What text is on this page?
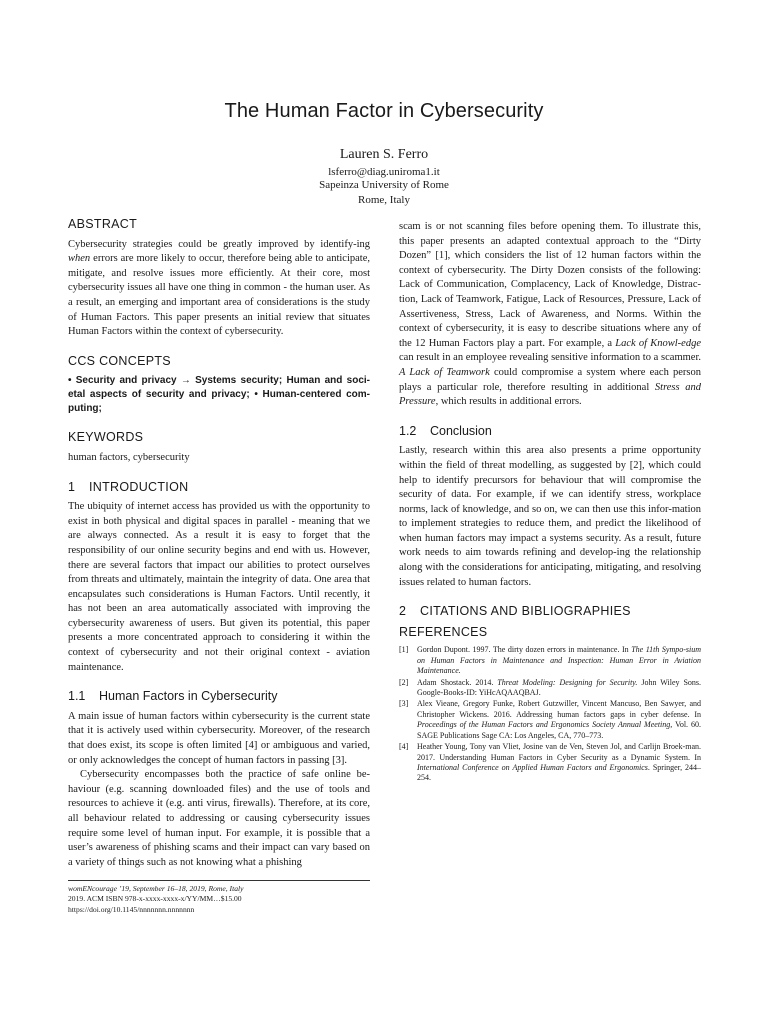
The Human Factor in Cybersecurity
Lauren S. Ferro
lsferro@diag.uniroma1.it
Sapeinza University of Rome
Rome, Italy
ABSTRACT

Cybersecurity strategies could be greatly improved by identify-ing when errors are more likely to occur, therefore being able to anticipate, mitigate, and resolve issues more efficiently. At their core, most cybersecurity issues all have one thing in common - the human user. As a result, an emerging and important area of considerations is the study of Human Factors. This paper presents an initial review that situates Human Factors within the context of cybersecurity.

CCS CONCEPTS

• Security and privacy → Systems security; Human and soci-etal aspects of security and privacy; • Human-centered com-puting;

KEYWORDS

human factors, cybersecurity

1 INTRODUCTION

The ubiquity of internet access has provided us with the opportunity to exist in both physical and digital spaces in parallel - meaning that we are always connected. As a result it is easy to forget that the responsibility of our online security begins and end with us. However, there are several factors that impact our abilities to protect ourselves from threats and ultimately, maintain the integrity of data. One area that encapsulates such considerations is Human Factors. Until recently, it has not been an area automatically associated with improving the cybersecurity awareness of users. But given its potential, this paper presents a more concentrated approach to considering it within the context of cybersecurity and not their original context - aviation maintenance.

1.1 Human Factors in Cybersecurity

A main issue of human factors within cybersecurity is the current state that it is actively used within cybersecurity. Moreover, of the research that does exist, its scope is often limited [4] or ambiguous and varied, or only acknowledges the concept of human factors in passing [3].

Cybersecurity encompasses both the practice of safe online be-haviour (e.g. scanning downloaded files) and the use of tools and resources to achieve it (e.g. anti virus, firewalls). Therefore, at its core, all behaviour related to addressing or causing cybersecurity issues require some level of human input. For example, it is possible that a user’s awareness of phishing scams and their impact can vary based on a variety of things such as not knowing what a phishing

scam is or not scanning files before opening them. To illustrate this, this paper presents an adapted contextual approach to the “Dirty Dozen” [1], which considers the list of 12 human factors within the context of cybersecurity. The Dirty Dozen consists of the following: Lack of Communication, Complacency, Lack of Knowledge, Distrac-tion, Lack of Teamwork, Fatigue, Lack of Resources, Pressure, Lack of Assertiveness, Stress, Lack of Awareness, and Norms. Within the context of cybersecurity, it is easy to describe situations where any of the 12 Human Factors play a part. For example, a Lack of Knowl-edge can result in an employee revealing sensitive information to a scammer. A Lack of Teamwork could compromise a system where each person plays a particular role, therefore resulting in additional Stress and Pressure, which results in additional errors.

1.2 Conclusion

Lastly, research within this area also presents a prime opportunity within the field of threat modelling, as suggested by [2], which could help to identify precursors for behaviour that will compromise the security of data. For example, if we can identify stress, workplace norms, lack of knowledge, and so on, we can then use this infor-mation to implement strategies to reduce them, and predict the likelihood of when human factors may impact a systems security. As a result, future work needs to aim towards refining and develop-ing the relationship along with the considerations for anticipating, mitigating, and resolving issues related to human factors.

2 CITATIONS AND BIBLIOGRAPHIES
REFERENCES
[1] Gordon Dupont. 1997. The dirty dozen errors in maintenance. In The 11th Sympo-sium on Human Factors in Maintenance and Inspection: Human Error in Aviation Maintenance.
[2] Adam Shostack. 2014. Threat Modeling: Designing for Security. John Wiley Sons. Google-Books-ID: YiHcAQAAQBAJ.
[3] Alex Vieane, Gregory Funke, Robert Gutzwiller, Vincent Mancuso, Ben Sawyer, and Christopher Wickens. 2016. Addressing human factors gaps in cyber defense. In Proceedings of the Human Factors and Ergonomics Society Annual Meeting, Vol. 60. SAGE Publications Sage CA: Los Angeles, CA, 770–773.
[4] Heather Young, Tony van Vliet, Josine van de Ven, Steven Jol, and Carlijn Broek-man. 2017. Understanding Human Factors in Cyber Security as a Dynamic System. In International Conference on Applied Human Factors and Ergonomics. Springer, 244–254.
womENcourage ’19, September 16–18, 2019, Rome, Italy
2019. ACM ISBN 978-x-xxxx-xxxx-x/YY/MM…$15.00
https://doi.org/10.1145/nnnnnnn.nnnnnnn
